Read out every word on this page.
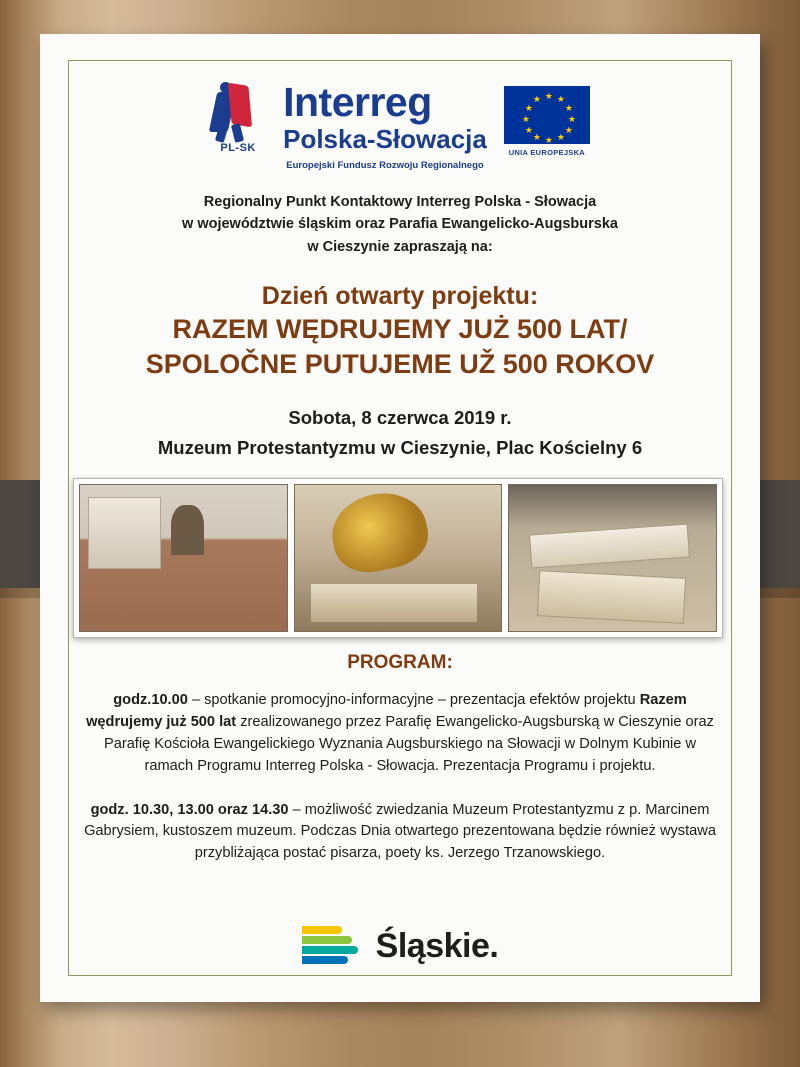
PL-SK
Interreg
Polska-Słowacja
Europejski Fundusz Rozwoju Regionalnego
★ ★
★
★
★
★
★
★
★
★
★
★
UNIA EUROPEJSKA
Regionalny Punkt Kontaktowy Interreg Polska - Słowacja
w województwie śląskim oraz Parafia Ewangelicko-Augsburska
w Cieszynie zapraszają na:
Dzień otwarty projektu:
RAZEM WĘDRUJEMY JUŻ 500 LAT/
SPOLOČNE PUTUJEME UŽ 500 ROKOV
Sobota, 8 czerwca 2019 r.
Muzeum Protestantyzmu w Cieszynie, Plac Kościelny 6
PROGRAM:
godz.10.00 – spotkanie promocyjno-informacyjne – prezentacja efektów projektu Razem wędrujemy już 500 lat zrealizowanego przez Parafię Ewangelicko-Augsburską w Cieszynie oraz Parafię Kościoła Ewangelickiego Wyznania Augsburskiego na Słowacji w Dolnym Kubinie w ramach Programu Interreg Polska - Słowacja. Prezentacja Programu i projektu.
godz. 10.30, 13.00 oraz 14.30 – możliwość zwiedzania Muzeum Protestantyzmu z p. Marcinem Gabrysiem, kustoszem muzeum. Podczas Dnia otwartego prezentowana będzie również wystawa przybliżająca postać pisarza, poety ks. Jerzego Trzanowskiego.
Śląskie.
